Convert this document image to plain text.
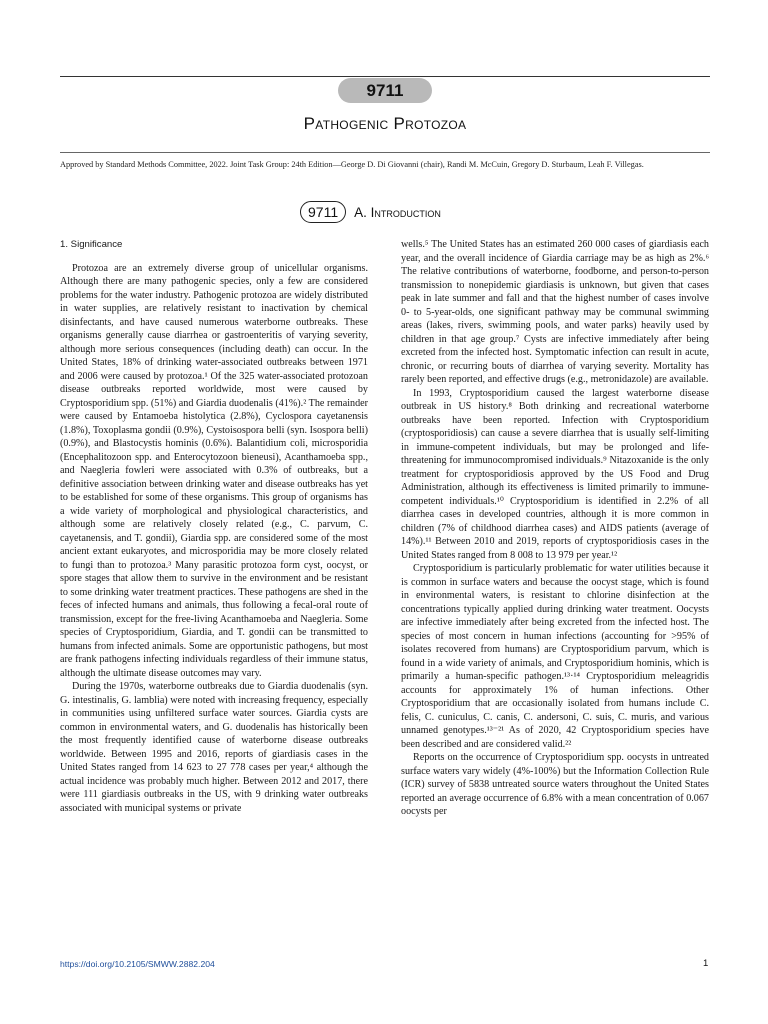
9711
Pathogenic Protozoa
Approved by Standard Methods Committee, 2022. Joint Task Group: 24th Edition—George D. Di Giovanni (chair), Randi M. McCuin, Gregory D. Sturbaum, Leah F. Villegas.
9711	A. Introduction
1. Significance

Protozoa are an extremely diverse group of unicellular organisms. Although there are many pathogenic species, only a few are considered problems for the water industry. Pathogenic protozoa are widely distributed in water supplies, are relatively resistant to inactivation by chemical disinfectants, and have caused numerous waterborne outbreaks. These organisms generally cause diarrhea or gastroenteritis of varying severity, although more serious consequences (including death) can occur. In the United States, 18% of drinking water-associated outbreaks between 1971 and 2006 were caused by protozoa.¹ Of the 325 water-associated protozoan disease outbreaks reported worldwide, most were caused by Cryptosporidium spp. (51%) and Giardia duodenalis (41%).² The remainder were caused by Entamoeba histolytica (2.8%), Cyclospora cayetanensis (1.8%), Toxoplasma gondii (0.9%), Cystoisospora belli (syn. Isospora belli) (0.9%), and Blastocystis hominis (0.6%). Balantidium coli, microsporidia (Encephalitozoon spp. and Enterocytozoon bieneusi), Acanthamoeba spp., and Naegleria fowleri were associated with 0.3% of outbreaks, but a definitive association between drinking water and disease outbreaks has yet to be established for some of these organisms. This group of organisms has a wide variety of morphological and physiological characteristics, and although some are relatively closely related (e.g., C. parvum, C. cayetanensis, and T. gondii), Giardia spp. are considered some of the most ancient extant eukaryotes, and microsporidia may be more closely related to fungi than to protozoa.³ Many parasitic protozoa form cyst, oocyst, or spore stages that allow them to survive in the environment and be resistant to some drinking water treatment practices. These pathogens are shed in the feces of infected humans and animals, thus following a fecal-oral route of transmission, except for the free-living Acanthamoeba and Naegleria. Some species of Cryptosporidium, Giardia, and T. gondii can be transmitted to humans from infected animals. Some are opportunistic pathogens, but most are frank pathogens infecting individuals regardless of their immune status, although the ultimate disease outcomes may vary.

During the 1970s, waterborne outbreaks due to Giardia duodenalis (syn. G. intestinalis, G. lamblia) were noted with increasing frequency, especially in communities using unfiltered surface water sources. Giardia cysts are common in environmental waters, and G. duodenalis has historically been the most frequently identified cause of waterborne disease outbreaks worldwide. Between 1995 and 2016, reports of giardiasis cases in the United States ranged from 14 623 to 27 778 cases per year,⁴ although the actual incidence was probably much higher. Between 2012 and 2017, there were 111 giardiasis outbreaks in the US, with 9 drinking water outbreaks associated with municipal systems or private

wells.⁵ The United States has an estimated 260 000 cases of giardiasis each year, and the overall incidence of Giardia carriage may be as high as 2%.⁶ The relative contributions of waterborne, foodborne, and person-to-person transmission to nonepidemic giardiasis is unknown, but given that cases peak in late summer and fall and that the highest number of cases involve 0- to 5-year-olds, one significant pathway may be communal swimming areas (lakes, rivers, swimming pools, and water parks) heavily used by children in that age group.⁷ Cysts are infective immediately after being excreted from the infected host. Symptomatic infection can result in acute, chronic, or recurring bouts of diarrhea of varying severity. Mortality has rarely been reported, and effective drugs (e.g., metronidazole) are available.

In 1993, Cryptosporidium caused the largest waterborne disease outbreak in US history.⁸ Both drinking and recreational waterborne outbreaks have been reported. Infection with Cryptosporidium (cryptosporidiosis) can cause a severe diarrhea that is usually self-limiting in immune-competent individuals, but may be prolonged and life-threatening for immunocompromised individuals.⁹ Nitazoxanide is the only treatment for cryptosporidiosis approved by the US Food and Drug Administration, although its effectiveness is limited primarily to immune-competent individuals.¹⁰ Cryptosporidium is identified in 2.2% of all diarrhea cases in developed countries, although it is more common in children (7% of childhood diarrhea cases) and AIDS patients (average of 14%).¹¹ Between 2010 and 2019, reports of cryptosporidiosis cases in the United States ranged from 8 008 to 13 979 per year.¹²

Cryptosporidium is particularly problematic for water utilities because it is common in surface waters and because the oocyst stage, which is found in environmental waters, is resistant to chlorine disinfection at the concentrations typically applied during drinking water treatment. Oocysts are infective immediately after being excreted from the infected host. The species of most concern in human infections (accounting for >95% of isolates recovered from humans) are Cryptosporidium parvum, which is found in a wide variety of animals, and Cryptosporidium hominis, which is primarily a human-specific pathogen.¹³·¹⁴ Cryptosporidium meleagridis accounts for approximately 1% of human infections. Other Cryptosporidium that are occasionally isolated from humans include C. felis, C. cuniculus, C. canis, C. andersoni, C. suis, C. muris, and various unnamed genotypes.¹³⁻²¹ As of 2020, 42 Cryptosporidium species have been described and are considered valid.²²

Reports on the occurrence of Cryptosporidium spp. oocysts in untreated surface waters vary widely (4%-100%) but the Information Collection Rule (ICR) survey of 5838 untreated source waters throughout the United States reported an average occurrence of 6.8% with a mean concentration of 0.067 oocysts per

https://doi.org/10.2105/SMWW.2882.204	1
